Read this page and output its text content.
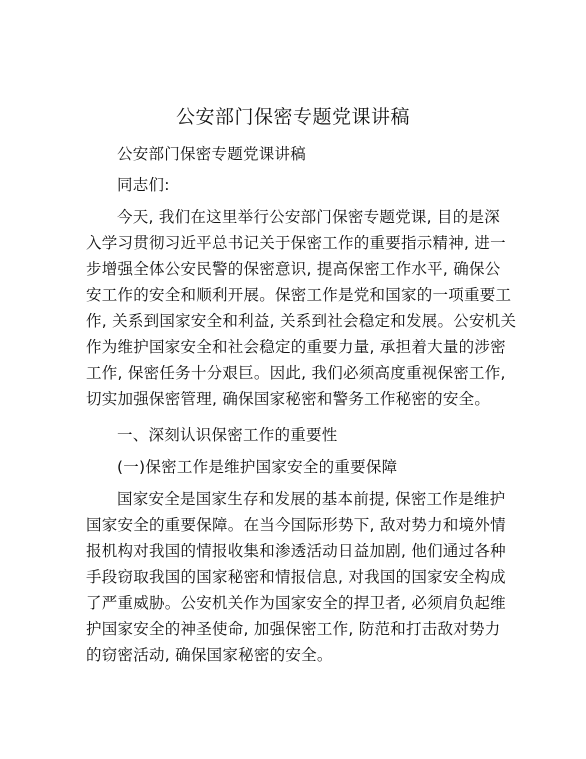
公安部门保密专题党课讲稿

公安部门保密专题党课讲稿

同志们:

今天, 我们在这里举行公安部门保密专题党课, 目的是深

入学习贯彻习近平总书记关于保密工作的重要指示精神, 进一

步增强全体公安民警的保密意识, 提高保密工作水平, 确保公

安工作的安全和顺利开展。保密工作是党和国家的一项重要工

作, 关系到国家安全和利益, 关系到社会稳定和发展。公安机关

作为维护国家安全和社会稳定的重要力量, 承担着大量的涉密

工作, 保密任务十分艰巨。因此, 我们必须高度重视保密工作,

切实加强保密管理, 确保国家秘密和警务工作秘密的安全。

一、深刻认识保密工作的重要性

(一)保密工作是维护国家安全的重要保障

国家安全是国家生存和发展的基本前提, 保密工作是维护

国家安全的重要保障。在当今国际形势下, 敌对势力和境外情

报机构对我国的情报收集和渗透活动日益加剧, 他们通过各种

手段窃取我国的国家秘密和情报信息, 对我国的国家安全构成

了严重威胁。公安机关作为国家安全的捍卫者, 必须肩负起维

护国家安全的神圣使命, 加强保密工作, 防范和打击敌对势力

的窃密活动, 确保国家秘密的安全。
